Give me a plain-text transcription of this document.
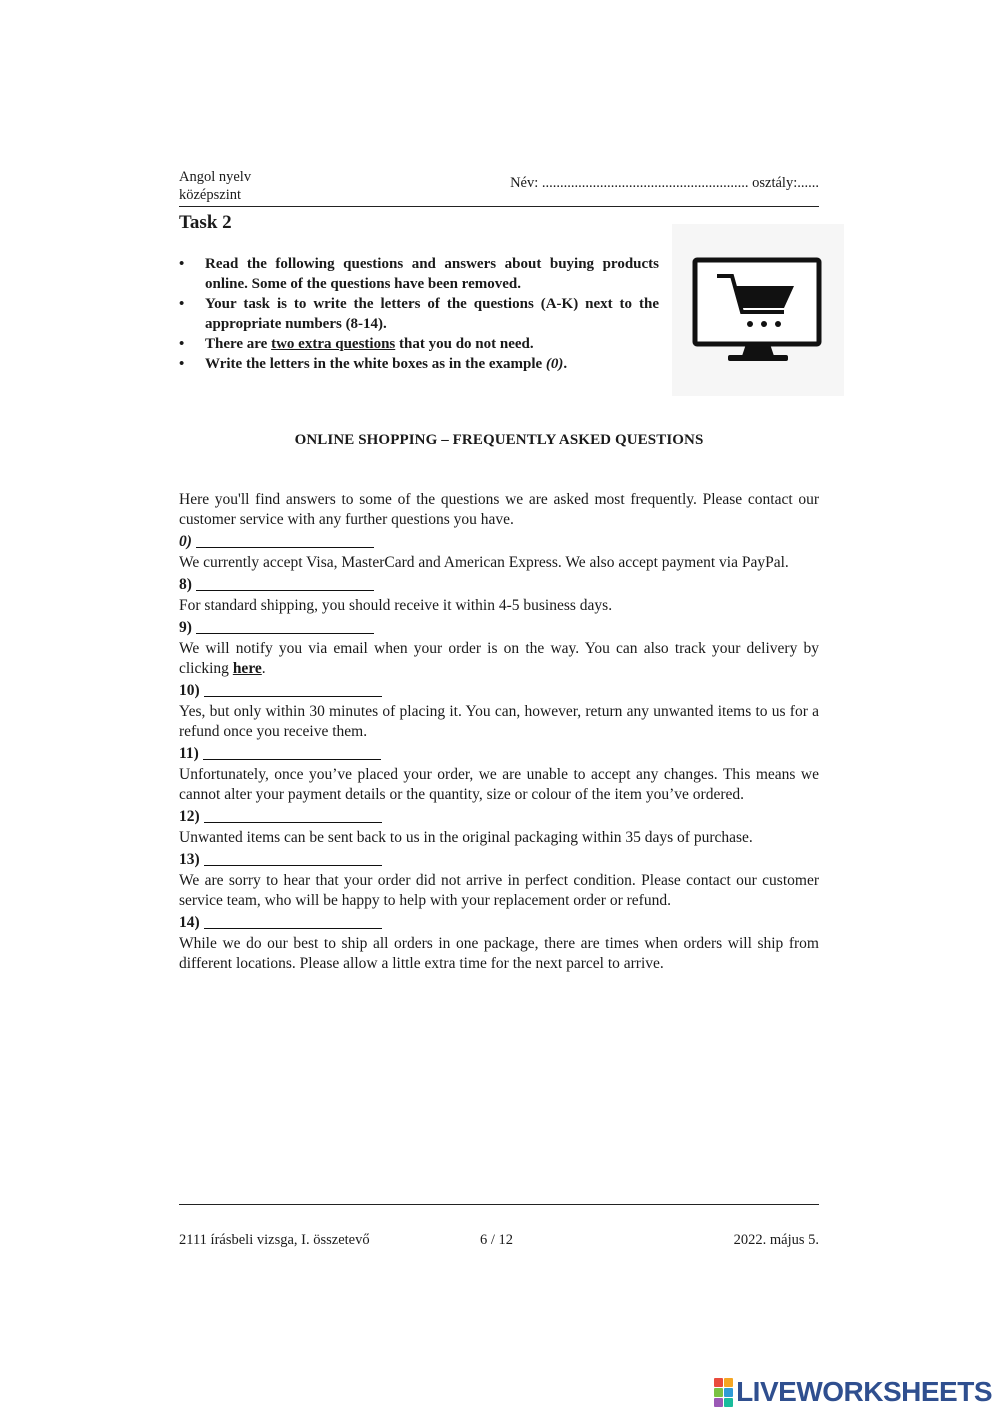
Angol nyelv
középszint
Név: ......................................................... osztály:......
Task 2
• Read the following questions and answers about buying products online. Some of the questions have been removed.
• Your task is to write the letters of the questions (A-K) next to the appropriate numbers (8-14).
• There are two extra questions that you do not need.
• Write the letters in the white boxes as in the example (0).
ONLINE SHOPPING – FREQUENTLY ASKED QUESTIONS

Here you'll find answers to some of the questions we are asked most frequently. Please contact our customer service with any further questions you have.

0)

We currently accept Visa, MasterCard and American Express. We also accept payment via PayPal.

8)

For standard shipping, you should receive it within 4-5 business days.

9)

We will notify you via email when your order is on the way. You can also track your delivery by clicking here.

10)

Yes, but only within 30 minutes of placing it. You can, however, return any unwanted items to us for a refund once you receive them.

11)

Unfortunately, once you’ve placed your order, we are unable to accept any changes. This means we cannot alter your payment details or the quantity, size or colour of the item you’ve ordered.

12)

Unwanted items can be sent back to us in the original packaging within 35 days of purchase.

13)

We are sorry to hear that your order did not arrive in perfect condition. Please contact our customer service team, who will be happy to help with your replacement order or refund.

14)

While we do our best to ship all orders in one package, there are times when orders will ship from different locations. Please allow a little extra time for the next parcel to arrive.

2111 írásbeli vizsga, I. összetevő	6 / 12	2022. május 5.
LIVEWORKSHEETS
